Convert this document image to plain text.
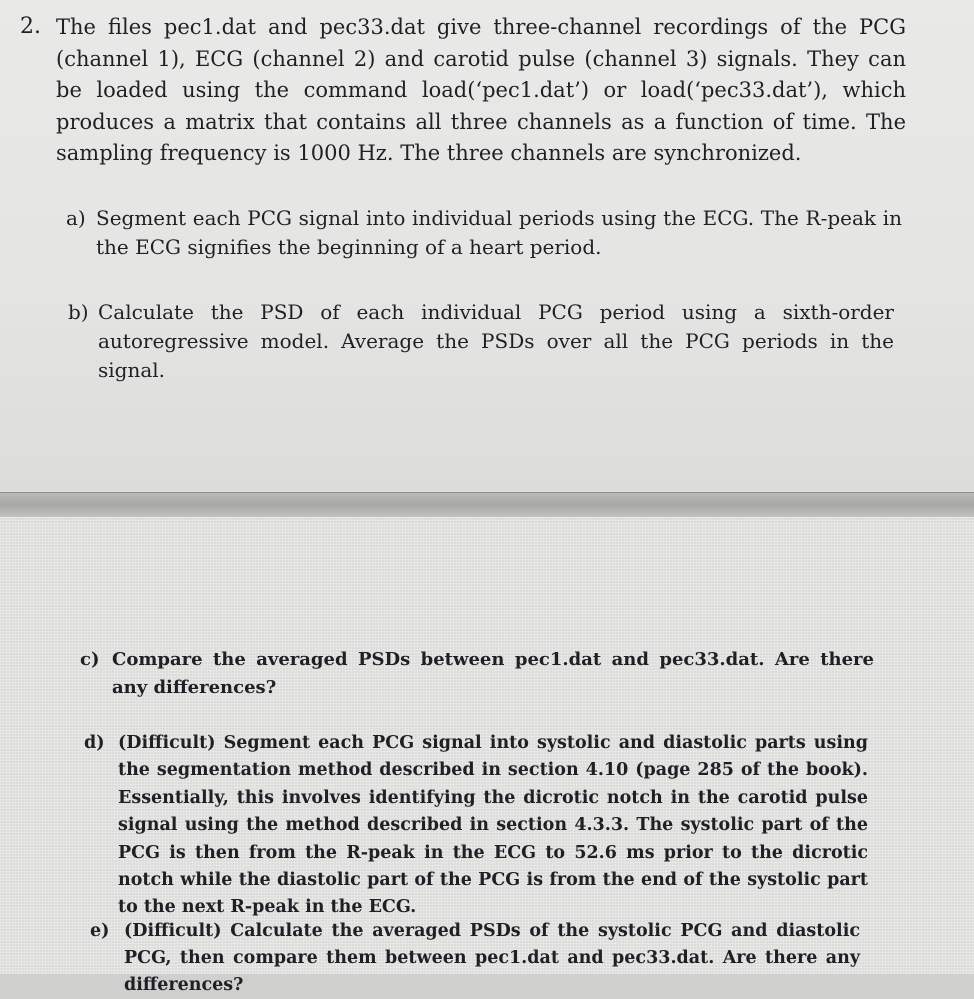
2. The files pec1.dat and pec33.dat give three-channel recordings of the PCG (channel 1), ECG (channel 2) and carotid pulse (channel 3) signals. They can be loaded using the command load(‘pec1.dat’) or load(‘pec33.dat’), which produces a matrix that contains all three channels as a function of time. The sampling frequency is 1000 Hz. The three channels are synchronized.
a) Segment each PCG signal into individual periods using the ECG. The R-peak in the ECG signifies the beginning of a heart period.
b) Calculate the PSD of each individual PCG period using a sixth-order autoregressive model. Average the PSDs over all the PCG periods in the signal.
c) Compare the averaged PSDs between pec1.dat and pec33.dat. Are there any differences?
d) (Difficult) Segment each PCG signal into systolic and diastolic parts using the segmentation method described in section 4.10 (page 285 of the book). Essentially, this involves identifying the dicrotic notch in the carotid pulse signal using the method described in section 4.3.3. The systolic part of the PCG is then from the R-peak in the ECG to 52.6 ms prior to the dicrotic notch while the diastolic part of the PCG is from the end of the systolic part to the next R-peak in the ECG.
e) (Difficult) Calculate the averaged PSDs of the systolic PCG and diastolic PCG, then compare them between pec1.dat and pec33.dat. Are there any differences?
